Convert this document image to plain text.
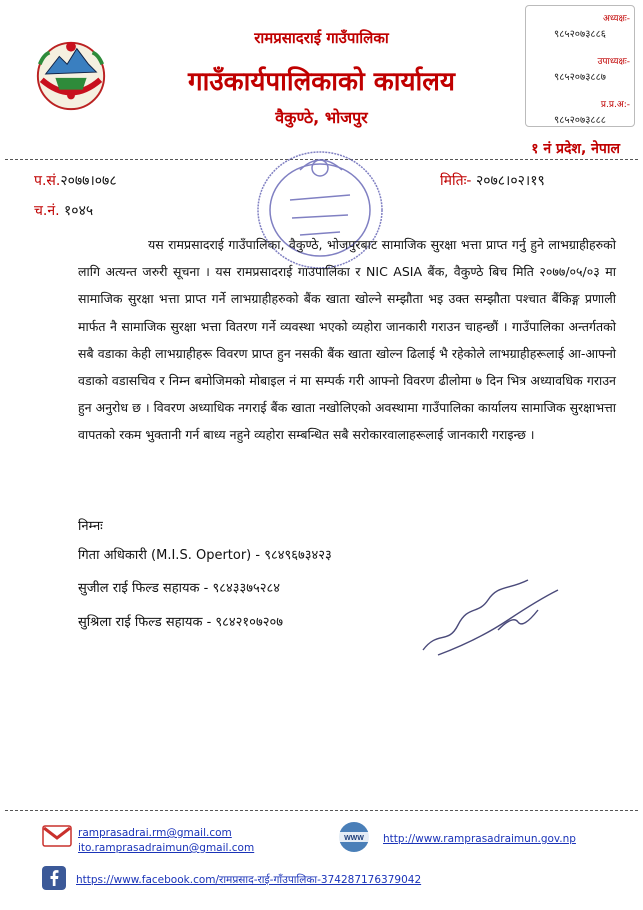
रामप्रसादराई गाउँपालिका
गाउँकार्यपालिकाको कार्यालय
वैकुण्ठे, भोजपुर
अध्यक्षः-
९८५२०७३८८६
उपाध्यक्षः-
९८५२०७३८८७
प्र.प्र.अ:-
९८५२०७३८८८
१ नं प्रदेश, नेपाल
प.सं.२०७७।०७८	मितिः- २०७८।०२।१९
च.नं. १०४५
यस रामप्रसादराई गाउँपालिका, वैकुण्ठे, भोजपुरबाट सामाजिक सुरक्षा भत्ता प्राप्त गर्नु हुने लाभग्राहीहरुको लागि अत्यन्त जरुरी सूचना । यस रामप्रसादराई गाउपालिका र NIC ASIA बैंक, वैकुण्ठे बिच मिति २०७७/०५/०३ मा सामाजिक सुरक्षा भत्ता प्राप्त गर्ने लाभग्राहीहरुको बैंक खाता खोल्ने सम्झौता भइ उक्त सम्झौता पश्चात बैंकिङ्ग प्रणाली मार्फत नै सामाजिक सुरक्षा भत्ता वितरण गर्ने व्यवस्था भएको व्यहोरा जानकारी गराउन चाहन्छौं । गाउँपालिका अन्तर्गतको सबै वडाका केही लाभग्राहीहरू विवरण प्राप्त हुन नसकी बैंक खाता खोल्न ढिलाई भै रहेकोले लाभग्राहीहरूलाई आ-आफ्नो वडाको वडासचिव र निम्न बमोजिमको मोबाइल नं मा सम्पर्क गरी आफ्नो विवरण ढीलोमा ७ दिन भित्र अध्यावधिक गराउन हुन अनुरोध छ । विवरण अध्याधिक नगराई बैंक खाता नखोलिएको अवस्थामा गाउँपालिका कार्यालय सामाजिक सुरक्षाभत्ता वापतको रकम भुक्तानी गर्न बाध्य नहुने व्यहोरा सम्बन्धित सबै सरोकारवालाहरूलाई जानकारी गराइन्छ ।
निम्नः
गिता अधिकारी (M.I.S. Opertor) - ९८४९६७३४२३
सुजील राई फिल्ड सहायक - ९८४३३७५२८४
सुश्रिला राई फिल्ड सहायक - ९८४२१०७२०७
ramprasadrai.rm@gmail.com
ito.ramprasadraimun@gmail.com
WWW http://www.ramprasadraimun.gov.np
https://www.facebook.com/रामप्रसाद-राई-गाँउपालिका-374287176379042
